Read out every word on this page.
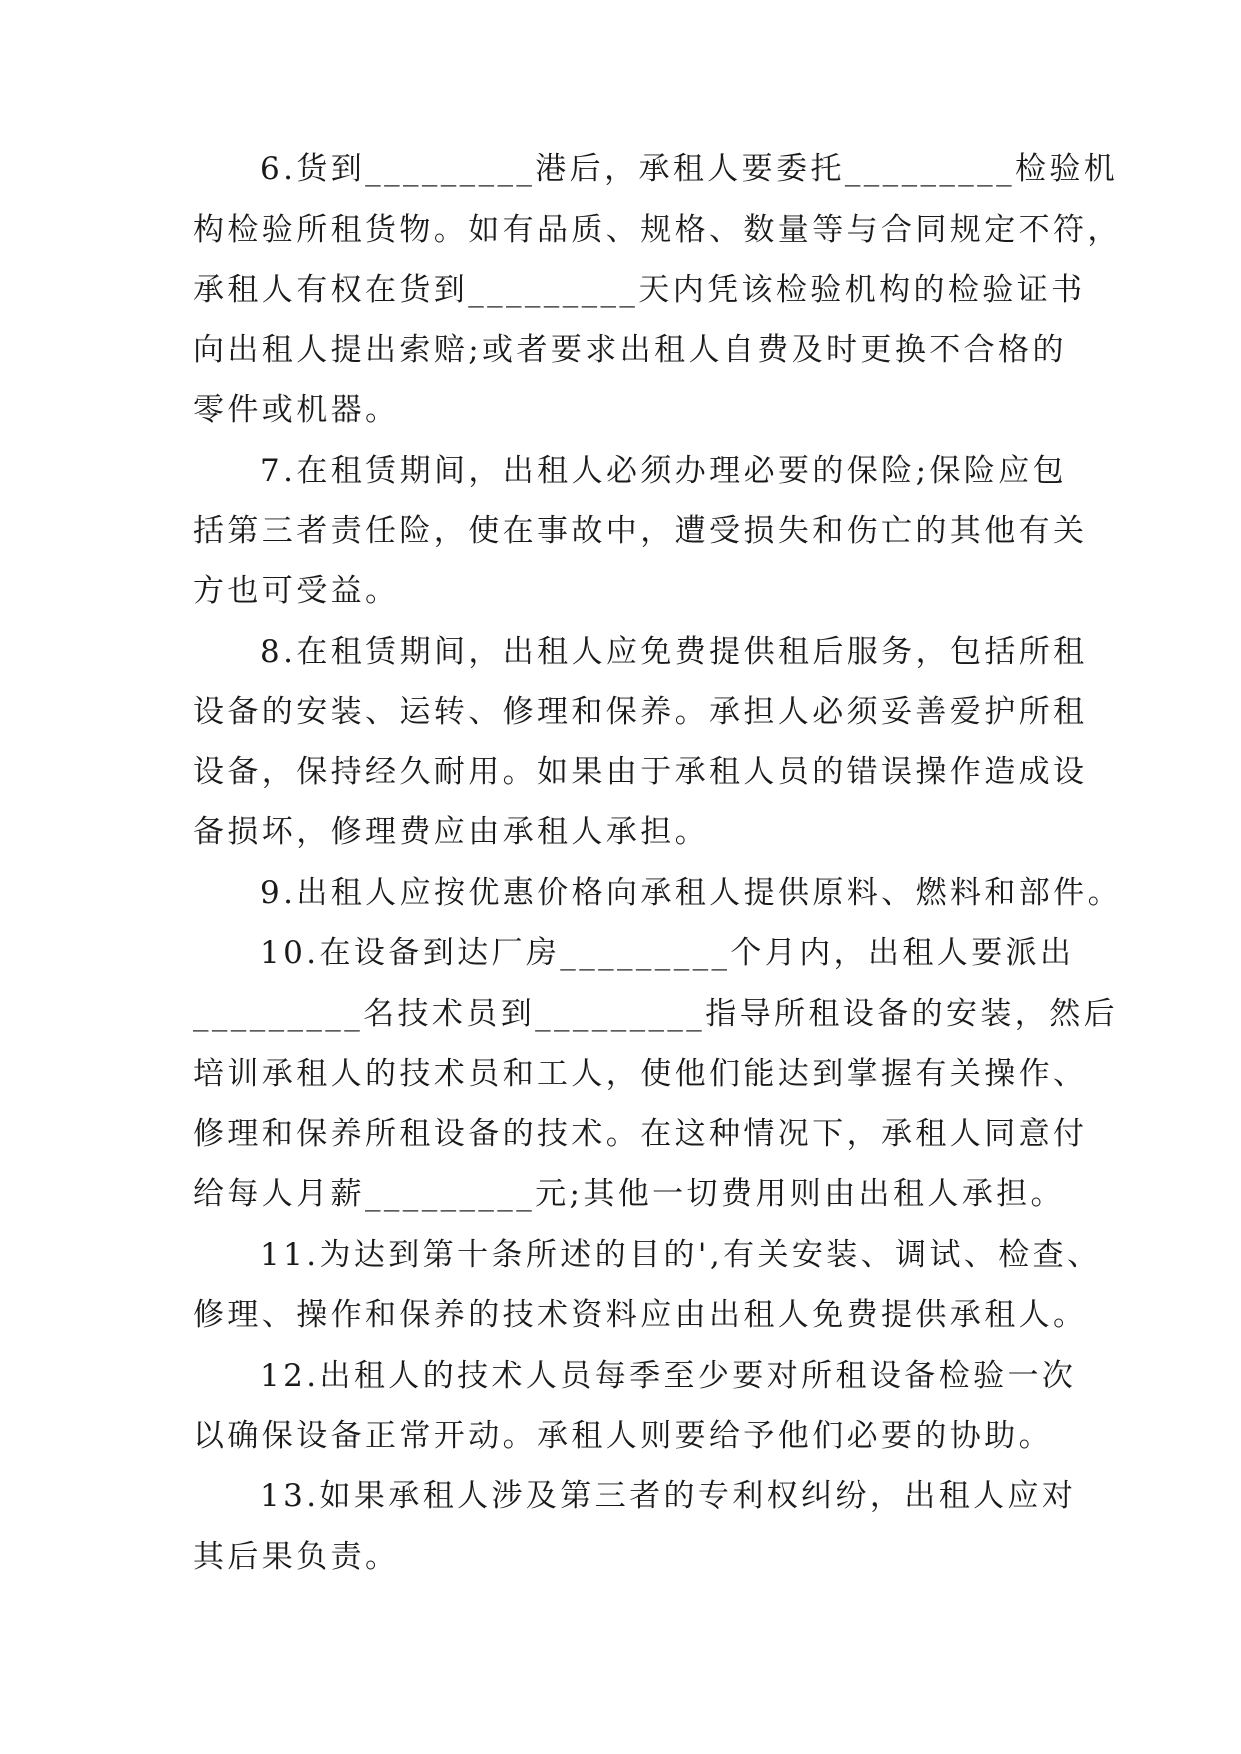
6.货到_________港后，承租人要委托_________检验机
构检验所租货物。如有品质、规格、数量等与合同规定不符，
承租人有权在货到_________天内凭该检验机构的检验证书
向出租人提出索赔;或者要求出租人自费及时更换不合格的
零件或机器。
7.在租赁期间，出租人必须办理必要的保险;保险应包
括第三者责任险，使在事故中，遭受损失和伤亡的其他有关
方也可受益。
8.在租赁期间，出租人应免费提供租后服务，包括所租
设备的安装、运转、修理和保养。承担人必须妥善爱护所租
设备，保持经久耐用。如果由于承租人员的错误操作造成设
备损坏，修理费应由承租人承担。
9.出租人应按优惠价格向承租人提供原料、燃料和部件。
10.在设备到达厂房_________个月内，出租人要派出
_________名技术员到_________指导所租设备的安装，然后
培训承租人的技术员和工人，使他们能达到掌握有关操作、
修理和保养所租设备的技术。在这种情况下，承租人同意付
给每人月薪_________元;其他一切费用则由出租人承担。
11.为达到第十条所述的目的',有关安装、调试、检查、
修理、操作和保养的技术资料应由出租人免费提供承租人。
12.出租人的技术人员每季至少要对所租设备检验一次
以确保设备正常开动。承租人则要给予他们必要的协助。
13.如果承租人涉及第三者的专利权纠纷，出租人应对
其后果负责。
